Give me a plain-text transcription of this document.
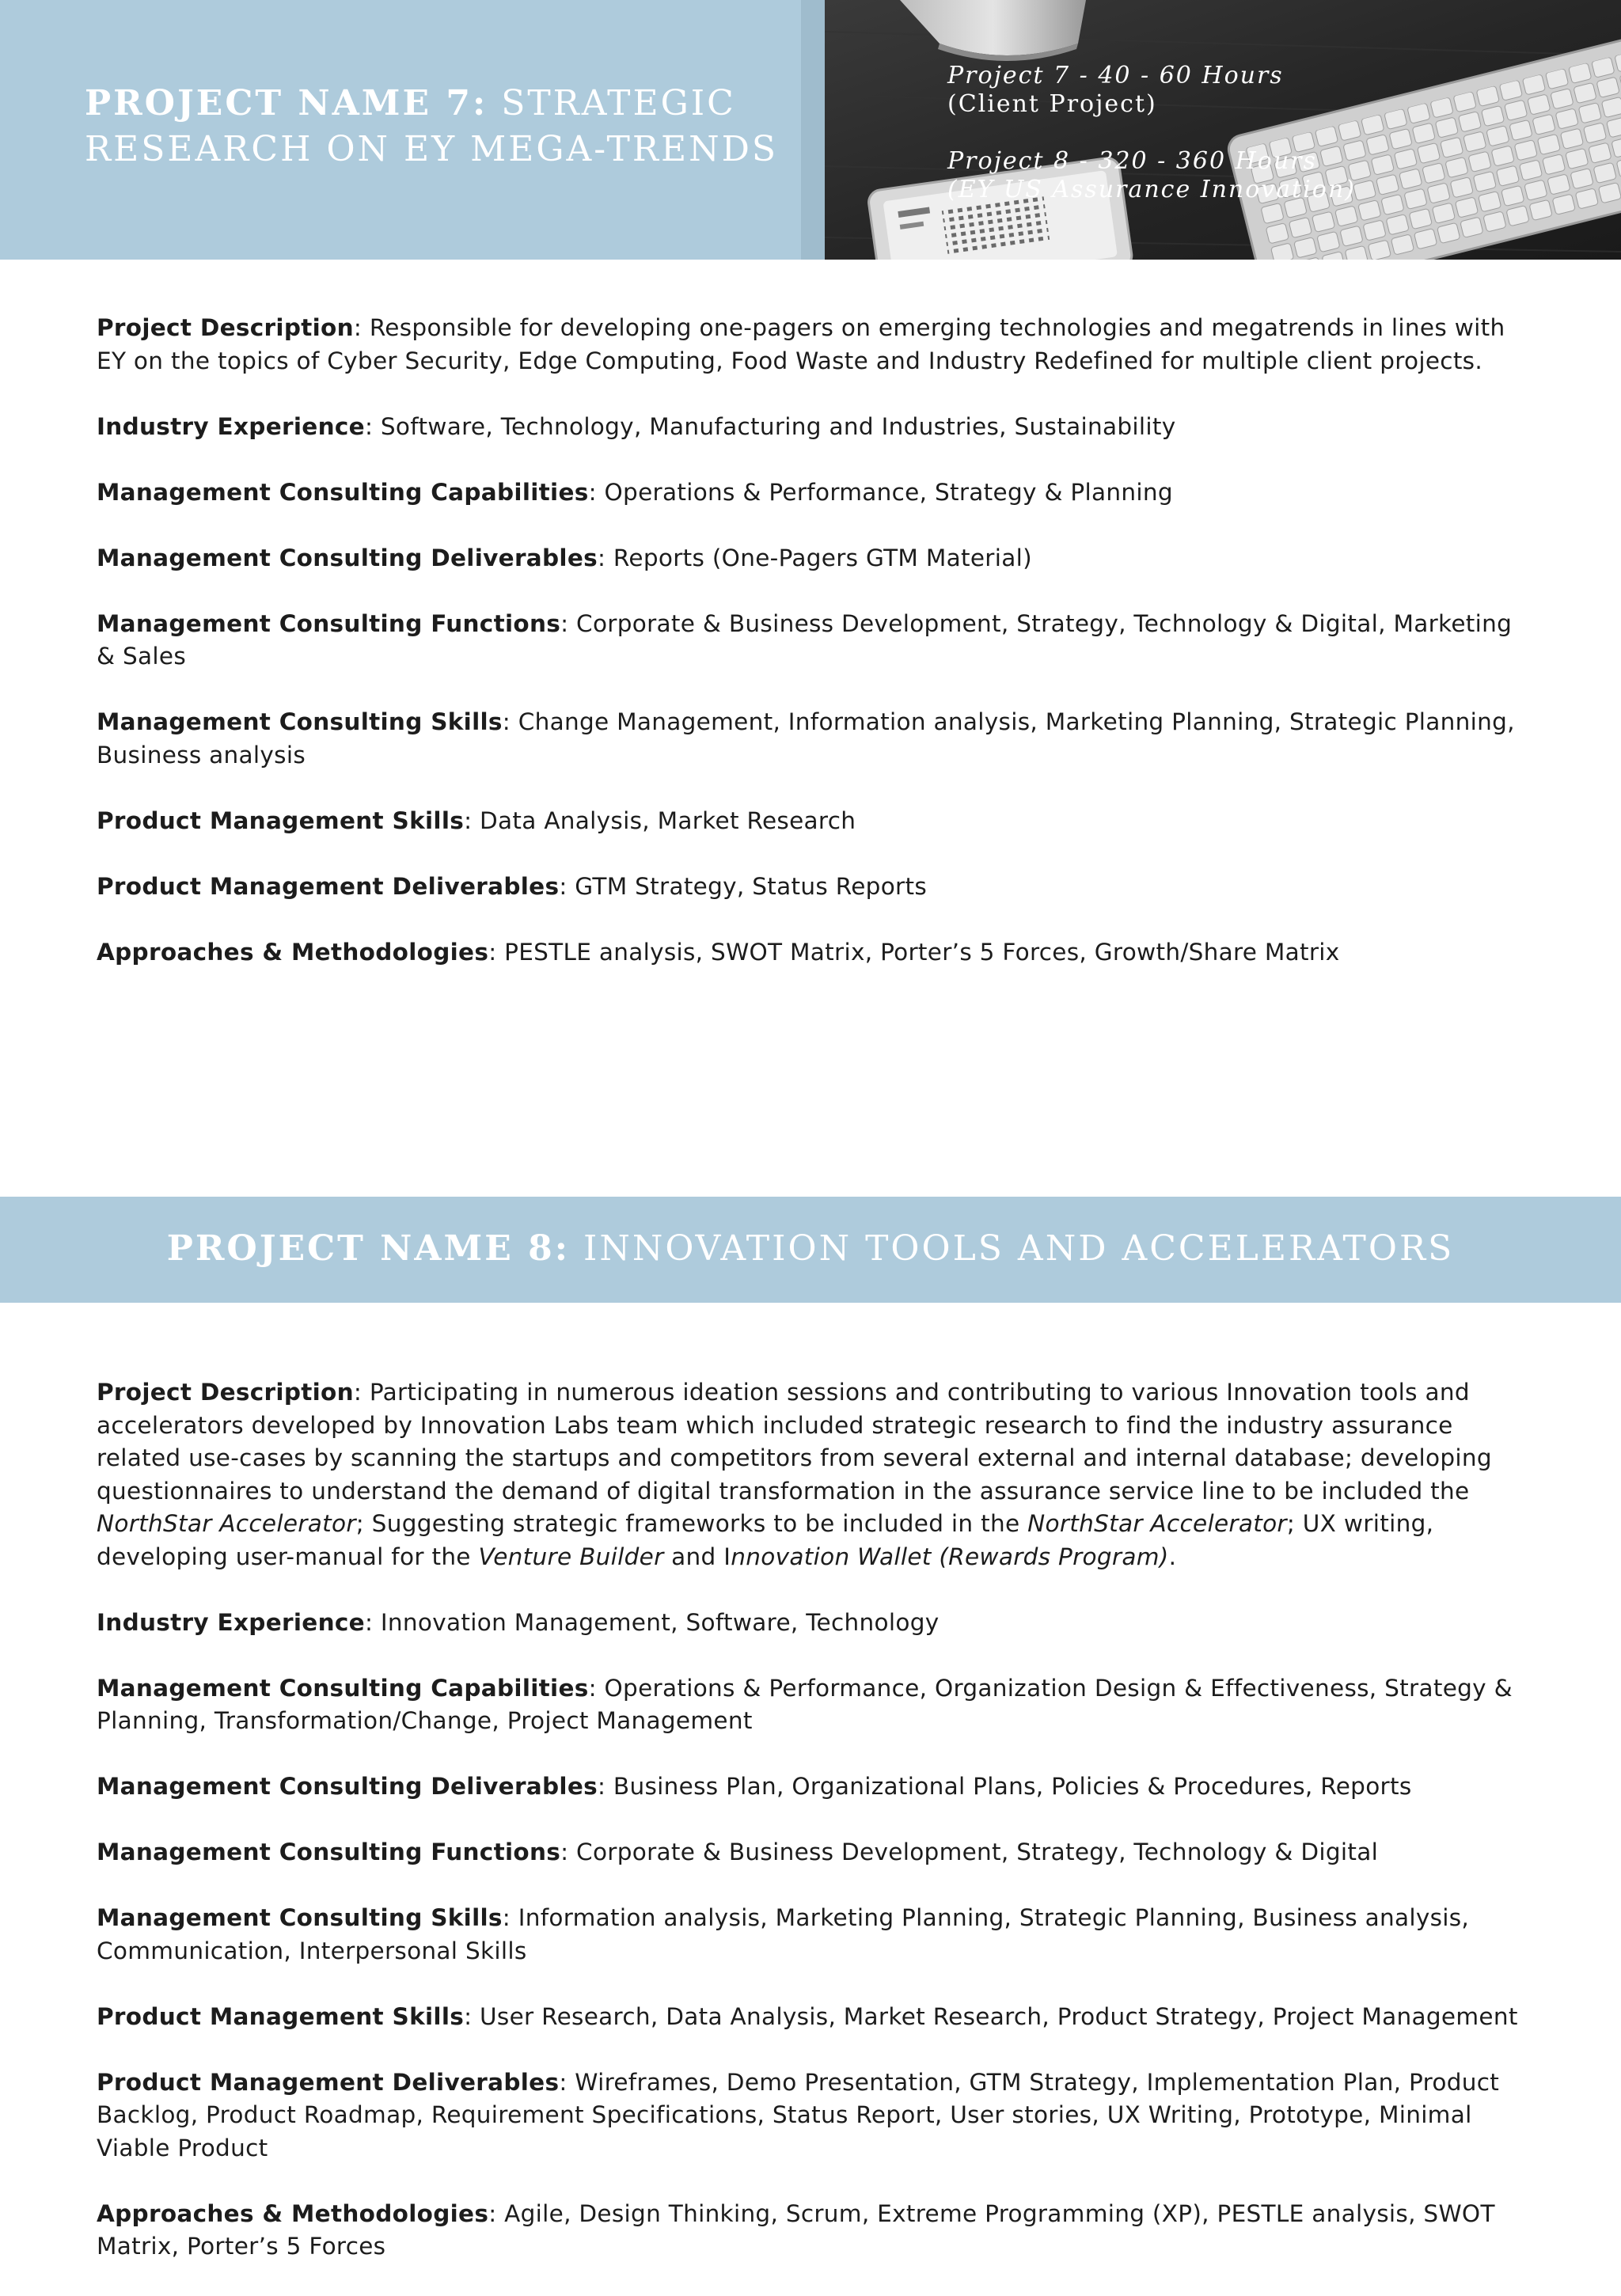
PROJECT NAME 7: STRATEGIC RESEARCH ON EY MEGA-TRENDS
Project 7 - 40 - 60 Hours
(Client Project)
Project 8 - 320 - 360 Hours
(EY US Assurance Innovation)

Project Description: Responsible for developing one-pagers on emerging technologies and megatrends in lines with EY on the topics of Cyber Security, Edge Computing, Food Waste and Industry Redefined for multiple client projects.

Industry Experience: Software, Technology, Manufacturing and Industries, Sustainability

Management Consulting Capabilities: Operations & Performance, Strategy & Planning

Management Consulting Deliverables: Reports (One-Pagers GTM Material)

Management Consulting Functions: Corporate & Business Development, Strategy, Technology & Digital, Marketing & Sales

Management Consulting Skills: Change Management, Information analysis, Marketing Planning, Strategic Planning, Business analysis

Product Management Skills: Data Analysis, Market Research

Product Management Deliverables: GTM Strategy, Status Reports

Approaches & Methodologies: PESTLE analysis, SWOT Matrix, Porter’s 5 Forces, Growth/Share Matrix

PROJECT NAME 8: INNOVATION TOOLS AND ACCELERATORS

Project Description: Participating in numerous ideation sessions and contributing to various Innovation tools and accelerators developed by Innovation Labs team which included strategic research to find the industry assurance related use-cases by scanning the startups and competitors from several external and internal database; developing questionnaires to understand the demand of digital transformation in the assurance service line to be included the NorthStar Accelerator; Suggesting strategic frameworks to be included in the NorthStar Accelerator; UX writing, developing user-manual for the Venture Builder and Innovation Wallet (Rewards Program).

Industry Experience: Innovation Management, Software, Technology

Management Consulting Capabilities: Operations & Performance, Organization Design & Effectiveness, Strategy & Planning, Transformation/Change, Project Management

Management Consulting Deliverables: Business Plan, Organizational Plans, Policies & Procedures, Reports

Management Consulting Functions: Corporate & Business Development, Strategy, Technology & Digital

Management Consulting Skills: Information analysis, Marketing Planning, Strategic Planning, Business analysis, Communication, Interpersonal Skills

Product Management Skills: User Research, Data Analysis, Market Research, Product Strategy, Project Management

Product Management Deliverables: Wireframes, Demo Presentation, GTM Strategy, Implementation Plan, Product Backlog, Product Roadmap, Requirement Specifications, Status Report, User stories, UX Writing, Prototype, Minimal Viable Product

Approaches & Methodologies: Agile, Design Thinking, Scrum, Extreme Programming (XP), PESTLE analysis, SWOT Matrix, Porter’s 5 Forces
